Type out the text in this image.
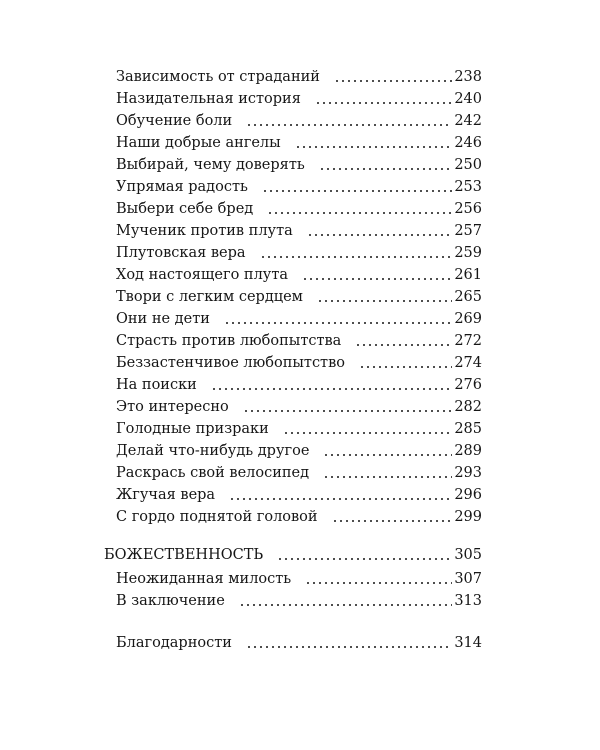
Зависимость от страданий	238
Назидательная история	240
Обучение боли	242
Наши добрые ангелы	246
Выбирай, чему доверять	250
Упрямая радость	253
Выбери себе бред	256
Мученик против плута	257
Плутовская вера	259
Ход настоящего плута	261
Твори с легким сердцем	265
Они не дети	269
Страсть против любопытства	272
Беззастенчивое любопытство	274
На поиски	276
Это интересно	282
Голодные призраки	285
Делай что-нибудь другое	289
Раскрась свой велосипед	293
Жгучая вера	296
С гордо поднятой головой	299
БОЖЕСТВЕННОСТЬ	305
Неожиданная милость	307
В заключение	313
Благодарности	314
